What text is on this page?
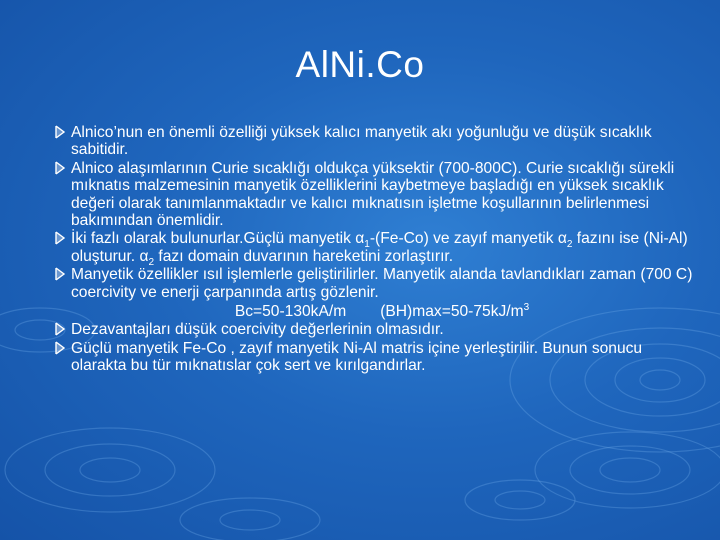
AlNi.Co
Alnico’nun en önemli özelliği yüksek kalıcı manyetik akı yoğunluğu ve düşük sıcaklık sabitidir.
Alnico alaşımlarının Curie sıcaklığı oldukça yüksektir (700-800C). Curie sıcaklığı sürekli mıknatıs malzemesinin manyetik özelliklerini kaybetmeye başladığı en yüksek sıcaklık değeri olarak tanımlanmaktadır ve kalıcı mıknatısın işletme koşullarının belirlenmesi bakımından önemlidir.
İki fazlı olarak bulunurlar.Güçlü manyetik $\alpha_1-(Fe-Co)$ ve zayıf manyetik $\alpha_2$ fazını ise (Ni-Al) oluşturur. $\alpha_2$ fazı domain duvarının hareketini zorlaştırır.
Manyetik özellikler ısıl işlemlerle geliştirilirler. Manyetik alanda tavlandıkları zaman (700 C) coercivity ve enerji çarpanında artış gözlenir.
Bc=50-130kA/m $(BH)\max=50-75kJ/m^3$
Dezavantajları düşük coercivity değerlerinin olmasıdır.
Güçlü manyetik Fe-Co , zayıf manyetik Ni-Al matris içine yerleştirilir. Bunun sonucu olarakta bu tür mıknatıslar çok sert ve kırılgandırlar.
